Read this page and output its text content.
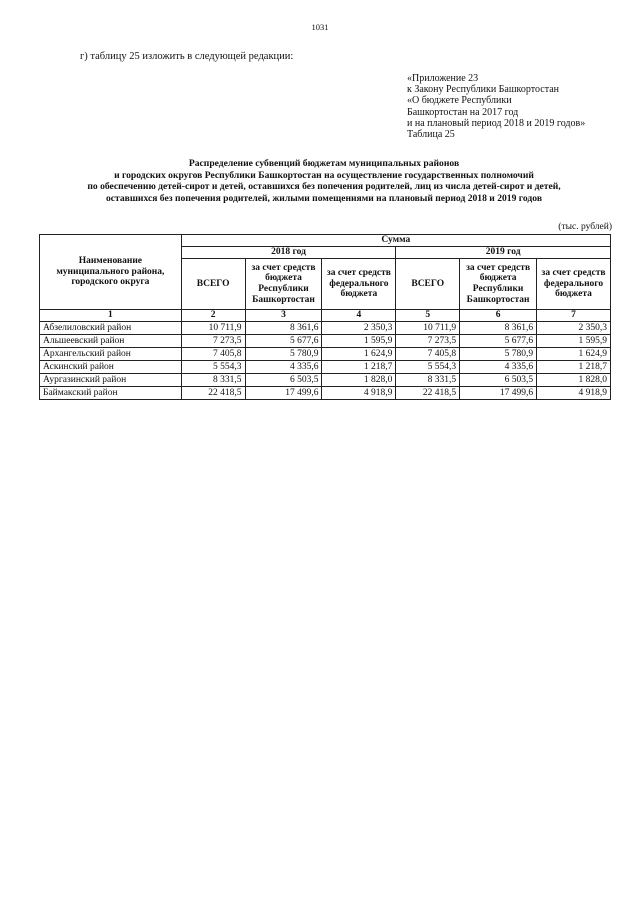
1031
г) таблицу 25 изложить в следующей редакции:
«Приложение 23
к Закону Республики Башкортостан
«О бюджете Республики
Башкортостан на 2017 год
и на плановый период 2018 и 2019 годов»
Таблица 25
Распределение субвенций бюджетам муниципальных районов
и городских округов Республики Башкортостан на осуществление государственных полномочий
по обеспечению детей-сирот и детей, оставшихся без попечения родителей, лиц из числа детей-сирот и детей,
оставшихся без попечения родителей, жилыми помещениями на плановый период 2018 и 2019 годов
(тыс. рублей)
Наименование муниципального района, городского округа	Сумма					
	2018 год			2019 год		
	ВСЕГО	за счет средств бюджета Республики Башкортостан	за счет средств федерального бюджета	ВСЕГО	за счет средств бюджета Республики Башкортостан	за счет средств федерального бюджета
1	2	3	4	5	6	7
Абзелиловский район	10 711,9	8 361,6	2 350,3	10 711,9	8 361,6	2 350,3
Альшеевский район	7 273,5	5 677,6	1 595,9	7 273,5	5 677,6	1 595,9
Архангельский район	7 405,8	5 780,9	1 624,9	7 405,8	5 780,9	1 624,9
Аскинский район	5 554,3	4 335,6	1 218,7	5 554,3	4 335,6	1 218,7
Аургазинский район	8 331,5	6 503,5	1 828,0	8 331,5	6 503,5	1 828,0
Баймакский район	22 418,5	17 499,6	4 918,9	22 418,5	17 499,6	4 918,9
